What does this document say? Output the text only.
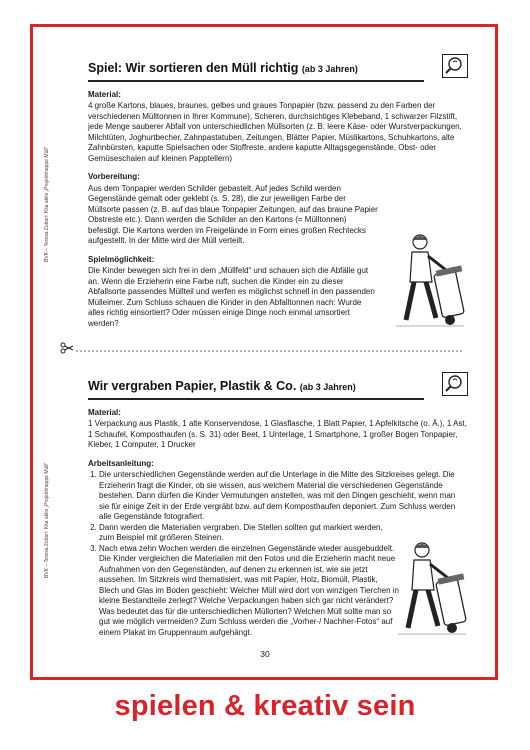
BVK – Teresa Zobori: Kita aktiv „Projektmappe Müll“
BVK – Teresa Zobori: Kita aktiv „Projektmappe Müll“
Spiel: Wir sortieren den Müll richtig (ab 3 Jahren)
Material:

4 große Kartons, blaues, braunes, gelbes und graues Tonpapier (bzw. passend zu den Farben der verschiedenen Mülltonnen in Ihrer Kommune), Scheren, durchsichtiges Klebeband, 1 schwarzer Filzstift, jede Menge sauberer Abfall von unterschiedlichen Müllsorten (z. B. leere Käse- oder Wurstverpackungen, Milchtüten, Joghurtbecher, Zahnpastatuben, Zeitungen, Blätter Papier, Müslikartons, Schuhkartons, alte Zahnbürsten, kaputte Spielsachen oder Stoffreste, andere kaputte Alltagsgegenstände, Obst- oder Gemüseschalen auf kleinen Papptellern)

Vorbereitung:

Aus dem Tonpapier werden Schilder gebastelt. Auf jedes Schild werden Gegenstände gemalt oder geklebt (s. S. 28), die zur jeweiligen Farbe der Müllsorte passen (z. B. auf das blaue Tonpapier Zeitungen, auf das braune Papier Obstreste etc.). Dann werden die Schilder an den Kartons (= Mülltonnen) befestigt. Die Kartons werden im Freigelände in Form eines großen Rechtecks aufgestellt. In der Mitte wird der Müll verteilt.

Spielmöglichkeit:

Die Kinder bewegen sich frei in dem „Müllfeld“ und schauen sich die Abfälle gut an. Wenn die Erzieherin eine Farbe ruft, suchen die Kinder ein zu dieser Abfallsorte passendes Müllteil und werfen es möglichst schnell in den passenden Mülleimer. Zum Schluss schauen die Kinder in den Abfalltonnen nach: Wurde alles richtig einsortiert? Oder müssen einige Dinge noch einmal umsortiert werden?

Wir vergraben Papier, Plastik & Co. (ab 3 Jahren)
Material:

1 Verpackung aus Plastik, 1 alte Konservendose, 1 Glasflasche, 1 Blatt Papier, 1 Apfelkitsche (o. Ä.), 1 Ast, 1 Schaufel, Komposthaufen (s. S. 31) oder Beet, 1 Unterlage, 1 Smartphone, 1 großer Bogen Tonpapier, Kleber, 1 Computer, 1 Drucker

Arbeitsanleitung:
1. Die unterschiedlichen Gegenstände werden auf die Unterlage in die Mitte des Sitzkreises gelegt. Die Erzieherin fragt die Kinder, ob sie wissen, aus welchem Material die verschiedenen Gegenstände bestehen. Dann dürfen die Kinder Vermutungen anstellen, was mit den Dingen geschieht, wenn man sie für einige Zeit in der Erde vergräbt bzw. auf dem Komposthaufen deponiert. Zum Schluss werden alle Gegenstände fotografiert.
2. Dann werden die Materialien vergraben. Die Stellen sollten gut markiert werden, zum Beispiel mit größeren Steinen.
3. Nach etwa zehn Wochen werden die einzelnen Gegenstände wieder ausgebuddelt. Die Kinder vergleichen die Materialien mit den Fotos und die Erzieherin macht neue Aufnahmen von den Gegenständen, auf denen zu erkennen ist, wie sie jetzt aussehen. Im Sitzkreis wird thematisiert, was mit Papier, Holz, Biomüll, Plastik, Blech und Glas im Boden geschieht: Welcher Müll wird dort von winzigen Tierchen in kleine Bestandteile zerlegt? Welche Verpackungen haben sich gar nicht verändert? Was bedeutet das für die unterschiedlichen Müllorten? Welchen Müll sollte man so gut wie möglich vermeiden? Zum Schluss werden die „Vorher-/ Nachher-Fotos“ auf einem Plakat im Gruppenraum aufgehängt.
30
spielen & kreativ sein
